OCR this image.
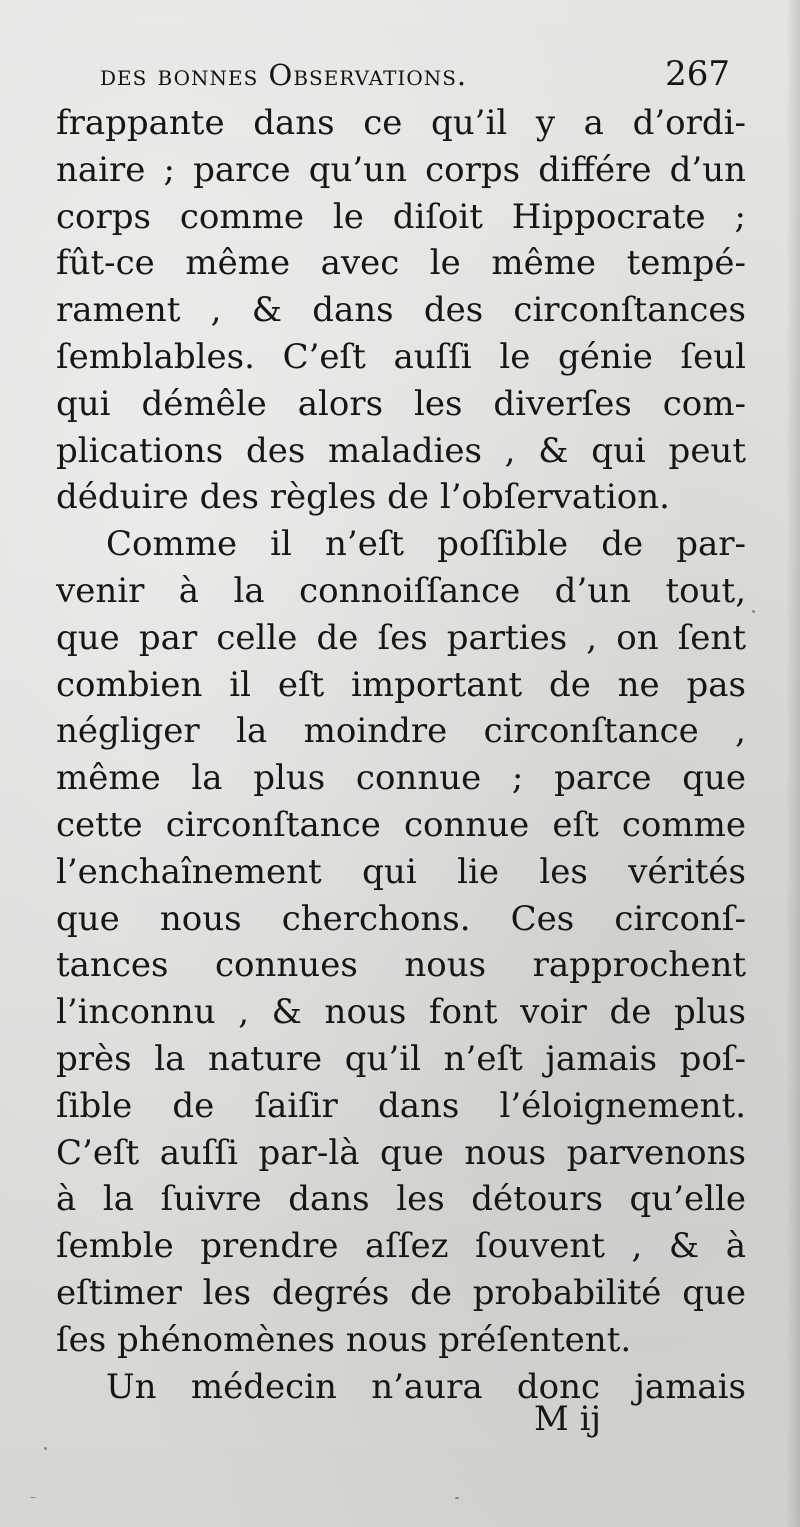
des bonnes Observations.	267
frappante dans ce qu’il y a d’ordi-
naire ; parce qu’un corps différe d’un
corps comme le diſoit Hippocrate ;
fût-ce même avec le même tempé-
rament , & dans des circonſtances
ſemblables. C’eſt auſſi le génie ſeul
qui démêle alors les diverſes com-
plications des maladies , & qui peut
déduire des règles de l’obſervation.
Comme il n’eſt poſſible de par-
venir à la connoiſſance d’un tout,
que par celle de ſes parties , on ſent
combien il eſt important de ne pas
négliger la moindre circonſtance ,
même la plus connue ; parce que
cette circonſtance connue eſt comme
l’enchaînement qui lie les vérités
que nous cherchons. Ces circonſ-
tances connues nous rapprochent
l’inconnu , & nous font voir de plus
près la nature qu’il n’eſt jamais poſ-
ſible de ſaiſir dans l’éloignement.
C’eſt auſſi par-là que nous parvenons
à la ſuivre dans les détours qu’elle
ſemble prendre aſſez ſouvent , & à
eſtimer les degrés de probabilité que
ſes phénomènes nous préſentent.
Un médecin n’aura donc jamais
M ij
